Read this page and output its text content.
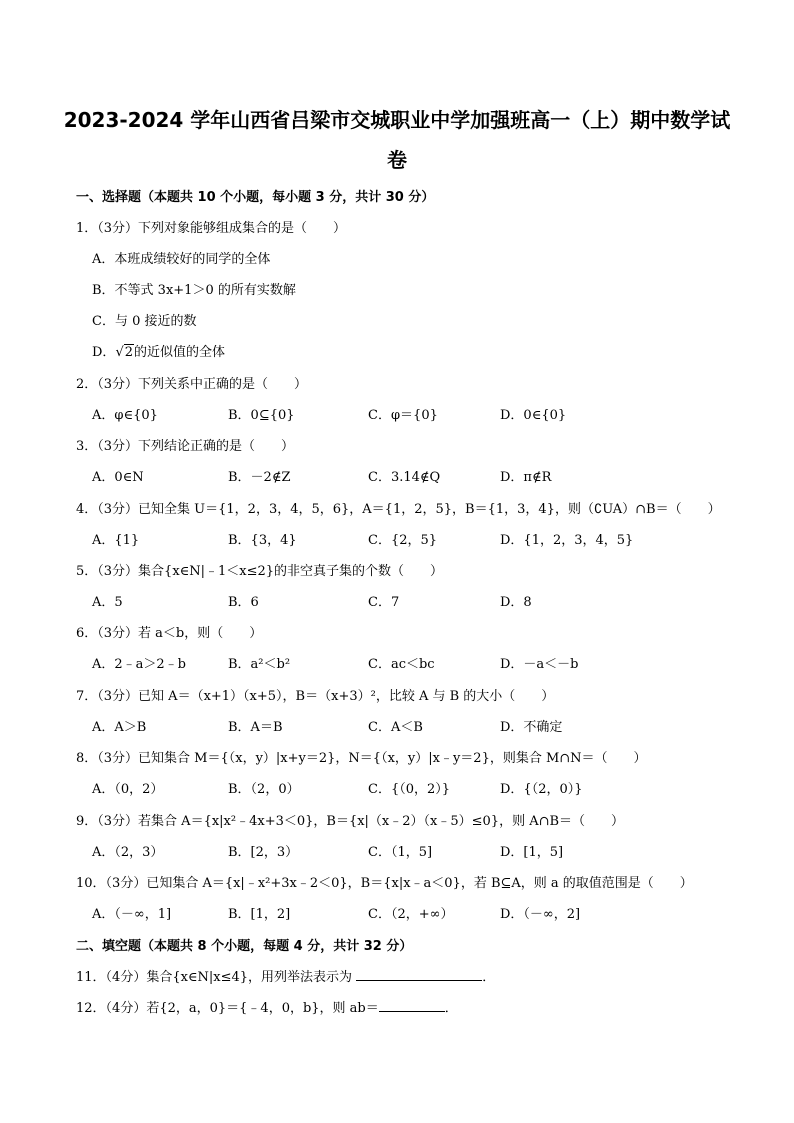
2023-2024 学年山西省吕梁市交城职业中学加强班高一（上）期中数学试
卷
一、选择题（本题共 10 个小题，每小题 3 分，共计 30 分）
1．（3分）下列对象能够组成集合的是（　　）
A．本班成绩较好的同学的全体
B．不等式 3x+1＞0 的所有实数解
C．与 0 接近的数
D．√2的近似值的全体
2．（3分）下列关系中正确的是（　　）
A．φ∈{0}	B．0⊆{0}	C．φ＝{0}	D．0∈{0}
3．（3分）下列结论正确的是（　　）
A．0∈N	B．－2∉Z	C．3.14∉Q	D．π∉R
4．（3分）已知全集 U＝{1，2，3，4，5，6}，A＝{1，2，5}，B＝{1，3，4}，则（∁UA）∩B＝（　　）
A．{1}	B．{3，4}	C．{2，5}	D．{1，2，3，4，5}
5．（3分）集合{x∈N|﹣1＜x≤2}的非空真子集的个数（　　）
A．5	B．6	C．7	D．8
6．（3分）若 a＜b，则（　　）
A．2﹣a＞2﹣b	B．a²＜b²	C．ac＜bc	D．－a＜－b
7．（3分）已知 A＝（x+1）（x+5），B＝（x+3）²，比较 A 与 B 的大小（　　）
A．A＞B	B．A＝B	C．A＜B	D．不确定
8．（3分）已知集合 M＝{（x，y）|x+y＝2}，N＝{（x，y）|x﹣y＝2}，则集合 M∩N＝（　　）
A．（0，2）	B．（2，0）	C．{（0，2）}	D．{（2，0）}
9．（3分）若集合 A＝{x|x²﹣4x+3＜0}，B＝{x|（x﹣2）（x﹣5）≤0}，则 A∩B＝（　　）
A．（2，3）	B．[2，3）	C．（1，5]	D．[1，5]
10．（3分）已知集合 A＝{x|﹣x²+3x﹣2＜0}，B＝{x|x﹣a＜0}，若 B⊆A，则 a 的取值范围是（　　）
A．（－∞，1]	B．[1，2]	C．（2，+∞）	D．（－∞，2]
二、填空题（本题共 8 个小题，每题 4 分，共计 32 分）
11．（4分）集合{x∈N|x≤4}，用列举法表示为	．
12．（4分）若{2，a，0}＝{﹣4，0，b}，则 ab＝	．
